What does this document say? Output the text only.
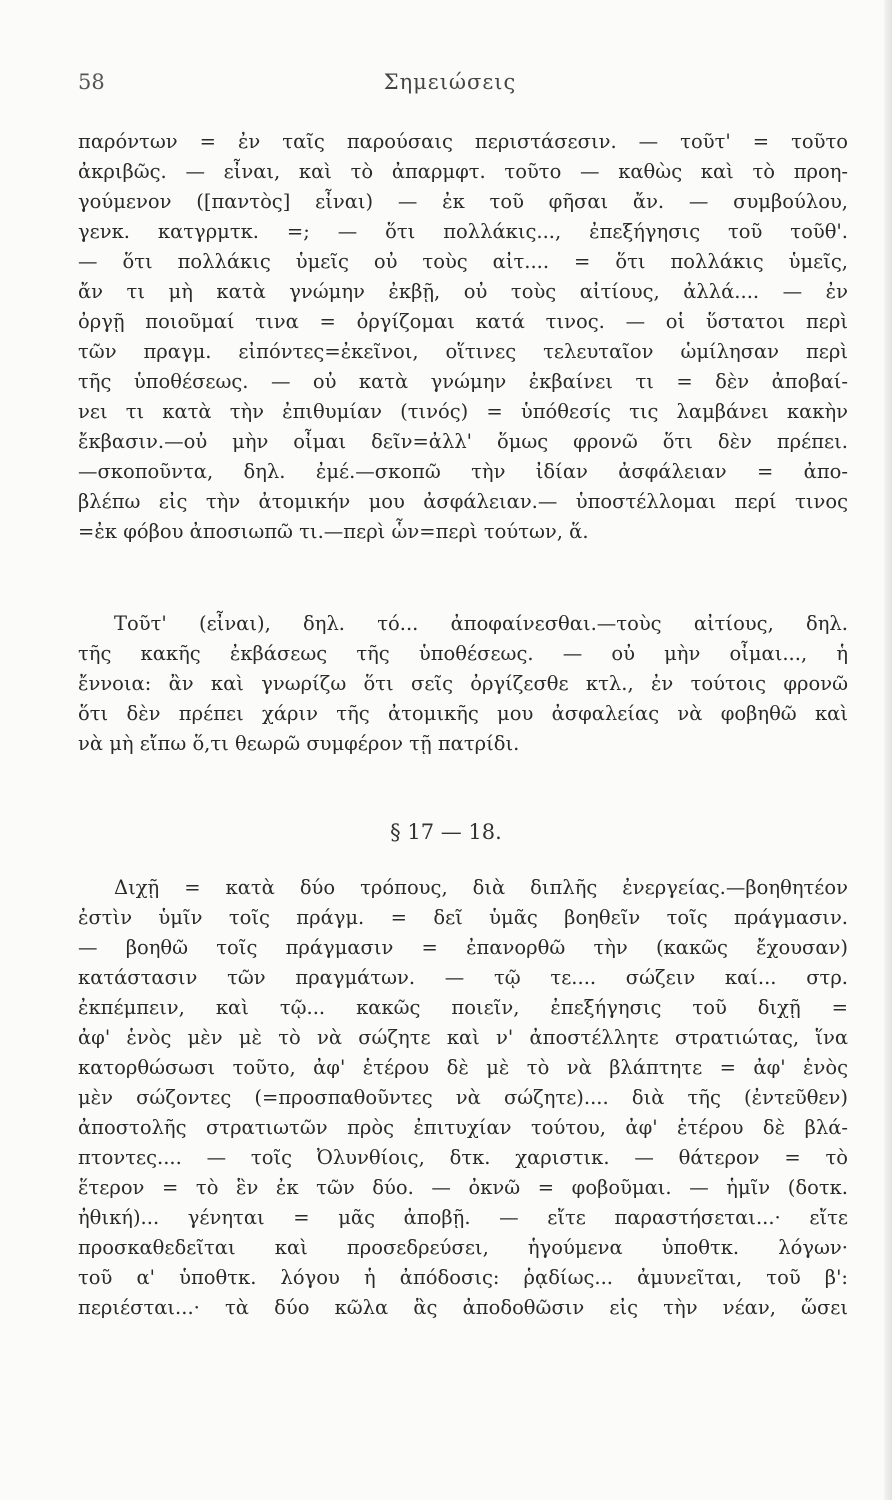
58	Σημειώσεις
παρόντων = ἐν ταῖς παρούσαις περιστάσεσιν. — τοῦτ' = τοῦτο
ἀκριβῶς. — εἶναι, καὶ τὸ ἀπαρμφτ. τοῦτο — καθὼς καὶ τὸ προη-
γούμενον ([παντὸς] εἶναι) — ἐκ τοῦ φῆσαι ἄν. — συμβούλου,
γενκ. κατγρμτκ. =; — ὅτι πολλάκις..., ἐπεξήγησις τοῦ τοῦθ'.
— ὅτι πολλάκις ὑμεῖς οὐ τοὺς αἰτ.... = ὅτι πολλάκις ὑμεῖς,
ἄν τι μὴ κατὰ γνώμην ἐκβῇ, οὐ τοὺς αἰτίους, ἀλλά.... — ἐν
ὀργῇ ποιοῦμαί τινα = ὀργίζομαι κατά τινος. — οἱ ὕστατοι περὶ
τῶν πραγμ. εἰπόντες=ἐκεῖνοι, οἵτινες τελευταῖον ὡμίλησαν περὶ
τῆς ὑποθέσεως. — οὐ κατὰ γνώμην ἐκβαίνει τι = δὲν ἀποβαί-
νει τι κατὰ τὴν ἐπιθυμίαν (τινός) = ὑπόθεσίς τις λαμβάνει κακὴν
ἔκβασιν.—οὐ μὴν οἶμαι δεῖν=ἀλλ' ὅμως φρονῶ ὅτι δὲν πρέπει.
—σκοποῦντα, δηλ. ἐμέ.—σκοπῶ τὴν ἰδίαν ἀσφάλειαν = ἀπο-
βλέπω εἰς τὴν ἀτομικήν μου ἀσφάλειαν.— ὑποστέλλομαι περί τινος
=ἐκ φόβου ἀποσιωπῶ τι.—περὶ ὧν=περὶ τούτων, ἅ.
Τοῦτ' (εἶναι), δηλ. τό... ἀποφαίνεσθαι.—τοὺς αἰτίους, δηλ.
τῆς κακῆς ἐκβάσεως τῆς ὑποθέσεως. — οὐ μὴν οἶμαι..., ἡ
ἔννοια: ἂν καὶ γνωρίζω ὅτι σεῖς ὀργίζεσθε κτλ., ἐν τούτοις φρονῶ
ὅτι δὲν πρέπει χάριν τῆς ἀτομικῆς μου ἀσφαλείας νὰ φοβηθῶ καὶ
νὰ μὴ εἴπω ὅ,τι θεωρῶ συμφέρον τῇ πατρίδι.
§ 17 — 18.
Διχῇ = κατὰ δύο τρόπους, διὰ διπλῆς ἐνεργείας.—βοηθητέον
ἐστὶν ὑμῖν τοῖς πράγμ. = δεῖ ὑμᾶς βοηθεῖν τοῖς πράγμασιν.
— βοηθῶ τοῖς πράγμασιν = ἐπανορθῶ τὴν (κακῶς ἔχουσαν)
κατάστασιν τῶν πραγμάτων. — τῷ τε.... σώζειν καί... στρ.
ἐκπέμπειν, καὶ τῷ... κακῶς ποιεῖν, ἐπεξήγησις τοῦ διχῇ =
ἀφ' ἑνὸς μὲν μὲ τὸ νὰ σώζητε καὶ ν' ἀποστέλλητε στρατιώτας, ἵνα
κατορθώσωσι τοῦτο, ἀφ' ἑτέρου δὲ μὲ τὸ νὰ βλάπτητε = ἀφ' ἑνὸς
μὲν σώζοντες (=προσπαθοῦντες νὰ σώζητε).... διὰ τῆς (ἐντεῦθεν)
ἀποστολῆς στρατιωτῶν πρὸς ἐπιτυχίαν τούτου, ἀφ' ἑτέρου δὲ βλά-
πτοντες.... — τοῖς Ὀλυνθίοις, δτκ. χαριστικ. — θάτερον = τὸ
ἕτερον = τὸ ἓν ἐκ τῶν δύο. — ὀκνῶ = φοβοῦμαι. — ἡμῖν (δοτκ.
ἠθική)... γένηται = μᾶς ἀποβῇ. — εἴτε παραστήσεται...· εἴτε
προσκαθεδεῖται καὶ προσεδρεύσει, ἡγούμενα ὑποθτκ. λόγων·
τοῦ α' ὑποθτκ. λόγου ἡ ἀπόδοσις: ῥᾳδίως... ἀμυνεῖται, τοῦ β':
περιέσται...· τὰ δύο κῶλα ἃς ἀποδοθῶσιν εἰς τὴν νέαν, ὥσει
